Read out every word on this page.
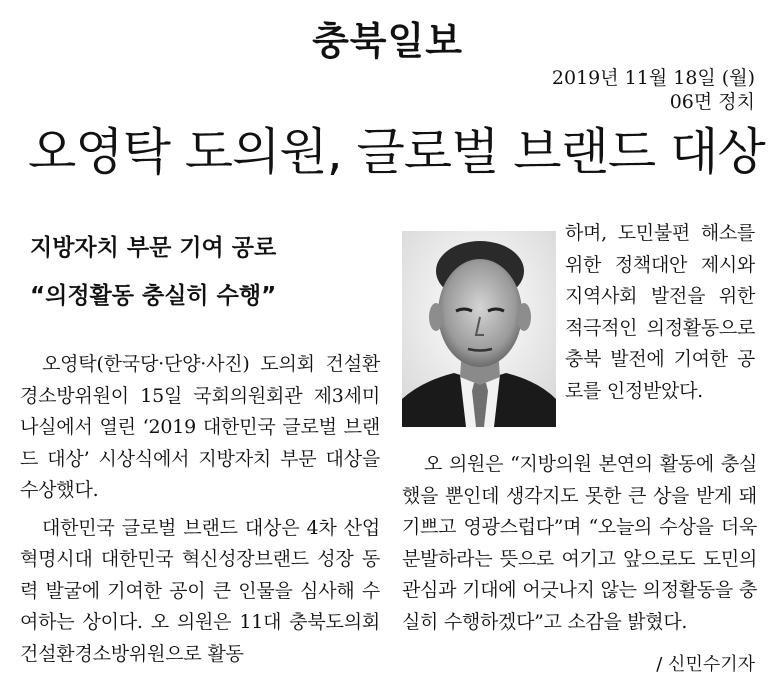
충북일보
2019년 11월 18일 (월)
06면 정치
오영탁 도의원, 글로벌 브랜드 대상
지방자치 부문 기여 공로
“의정활동 충실히 수행”

오영탁(한국당·단양·사진) 도의회 건설환경소방위원이 15일 국회의원회관 제3세미나실에서 열린 ‘2019 대한민국 글로벌 브랜드 대상’ 시상식에서 지방자치 부문 대상을 수상했다.

대한민국 글로벌 브랜드 대상은 4차 산업혁명시대 대한민국 혁신성장브랜드 성장 동력 발굴에 기여한 공이 큰 인물을 심사해 수여하는 상이다. 오 의원은 11대 충북도의회 건설환경소방위원으로 활동

하며, 도민불편 해소를 위한 정책대안 제시와 지역사회 발전을 위한 적극적인 의정활동으로 충북 발전에 기여한 공로를 인정받았다.

오 의원은 “지방의원 본연의 활동에 충실했을 뿐인데 생각지도 못한 큰 상을 받게 돼 기쁘고 영광스럽다”며 “오늘의 수상을 더욱 분발하라는 뜻으로 여기고 앞으로도 도민의 관심과 기대에 어긋나지 않는 의정활동을 충실히 수행하겠다”고 소감을 밝혔다.

/ 신민수기자
